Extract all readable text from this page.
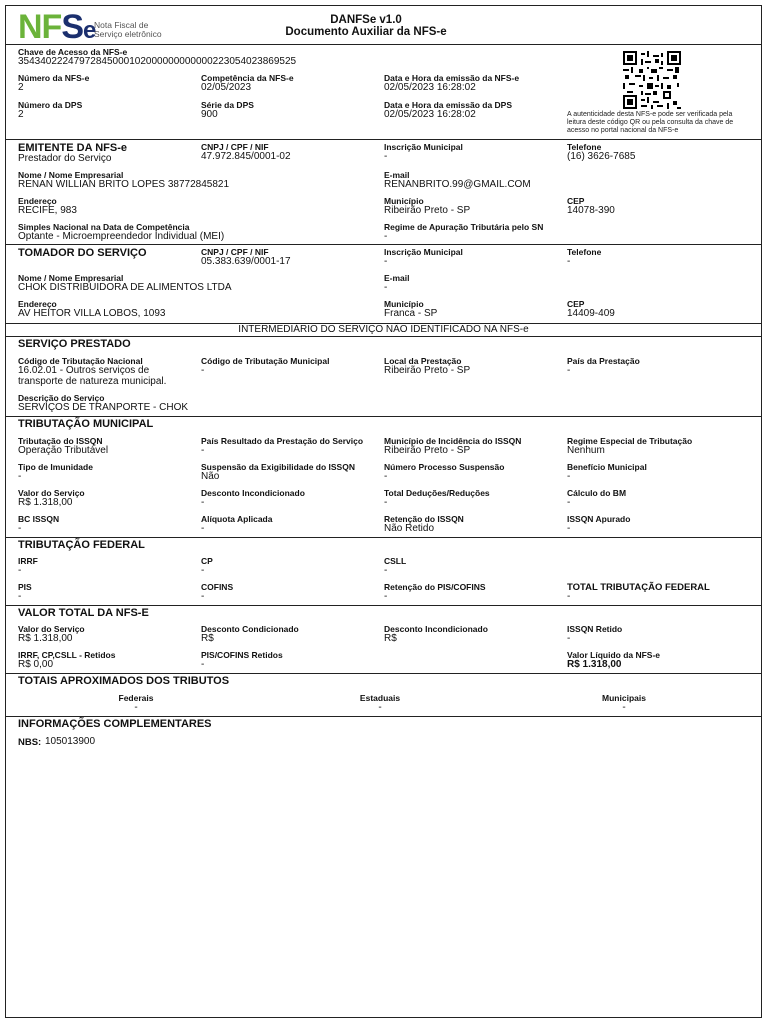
NFSe
Nota Fiscal de
Serviço eletrônico
DANFSe v1.0
Documento Auxiliar da NFS-e
A autenticidade desta NFS-e pode ser verificada pela leitura deste código QR ou pela consulta da chave de acesso no portal nacional da NFS-e
Chave de Acesso da NFS-e
35434022247972845000102000000000000223054023869525
Número da NFS-e
2
Competência da NFS-e
02/05/2023
Data e Hora da emissão da NFS-e
02/05/2023 16:28:02
Número da DPS
2
Série da DPS
900
Data e Hora da emissão da DPS
02/05/2023 16:28:02
EMITENTE DA NFS-e
Prestador do Serviço
CNPJ / CPF / NIF
47.972.845/0001-02
Inscrição Municipal
-
Telefone
(16) 3626-7685
Nome / Nome Empresarial
RENAN WILLIAN BRITO LOPES 38772845821
E-mail
RENANBRITO.99@GMAIL.COM
Endereço
RECIFE, 983
Município
Ribeirão Preto - SP
CEP
14078-390
Simples Nacional na Data de Competência
Optante - Microempreendedor Individual (MEI)
Regime de Apuração Tributária pelo SN
-
TOMADOR DO SERVIÇO	CNPJ / CPF / NIF
05.383.639/0001-17
Inscrição Municipal
-
Telefone
-
Nome / Nome Empresarial
CHOK DISTRIBUIDORA DE ALIMENTOS LTDA
E-mail
-
Endereço
AV HEITOR VILLA LOBOS, 1093
Município
Franca - SP
CEP
14409-409
INTERMEDIÁRIO DO SERVIÇO NÃO IDENTIFICADO NA NFS-e
SERVIÇO PRESTADO
Código de Tributação Nacional
16.02.01 - Outros serviços de
transporte de natureza municipal.
Código de Tributação Municipal
-
Local da Prestação
Ribeirão Preto - SP
País da Prestação
-
Descrição do Serviço
SERVIÇOS DE TRANPORTE - CHOK
TRIBUTAÇÃO MUNICIPAL
Tributação do ISSQN
Operação Tributável
País Resultado da Prestação do Serviço
-
Município de Incidência do ISSQN
Ribeirão Preto - SP
Regime Especial de Tributação
Nenhum
Tipo de Imunidade
-
Suspensão da Exigibilidade do ISSQN
Não
Número Processo Suspensão
-
Benefício Municipal
-
Valor do Serviço
R$ 1.318,00
Desconto Incondicionado
-
Total Deduções/Reduções
-
Cálculo do BM
-
BC ISSQN
-
Alíquota Aplicada
-
Retenção do ISSQN
Não Retido
ISSQN Apurado
-
TRIBUTAÇÃO FEDERAL
IRRF
-
CP
-
CSLL
-
PIS
-
COFINS
-
Retenção do PIS/COFINS
-
TOTAL TRIBUTAÇÃO FEDERAL
-
VALOR TOTAL DA NFS-E
Valor do Serviço
R$ 1.318,00
Desconto Condicionado
R$
Desconto Incondicionado
R$
ISSQN Retido
-
IRRF, CP,CSLL - Retidos
R$ 0,00
PIS/COFINS Retidos
-
Valor Líquido da NFS-e
R$ 1.318,00
TOTAIS APROXIMADOS DOS TRIBUTOS
Federais
-
Estaduais
-
Municipais
-
INFORMAÇÕES COMPLEMENTARES
NBS: 105013900
